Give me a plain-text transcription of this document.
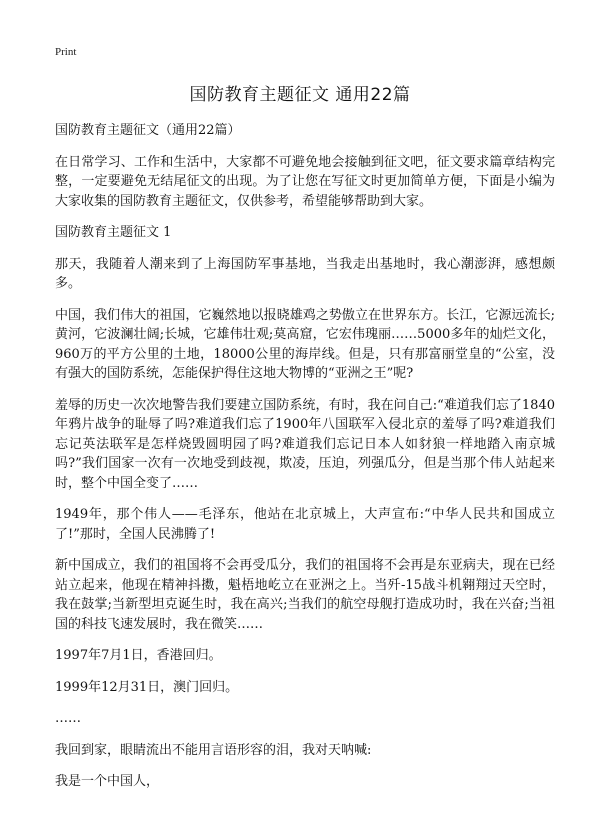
Print
国防教育主题征文 通用22篇

国防教育主题征文（通用22篇）

在日常学习、工作和生活中，大家都不可避免地会接触到征文吧，征文要求篇章结构完整，一定要避免无结尾征文的出现。为了让您在写征文时更加简单方便，下面是小编为大家收集的国防教育主题征文，仅供参考，希望能够帮助到大家。

国防教育主题征文 1

那天，我随着人潮来到了上海国防军事基地，当我走出基地时，我心潮澎湃，感想颇多。

中国，我们伟大的祖国，它巍然地以报晓雄鸡之势傲立在世界东方。长江，它源远流长;黄河，它波澜壮阔;长城，它雄伟壮观;莫高窟，它宏伟瑰丽……5000多年的灿烂文化，960万的平方公里的土地，18000公里的海岸线。但是，只有那富丽堂皇的“公室，没有强大的国防系统，怎能保护得住这地大物博的“亚洲之王”呢?

羞辱的历史一次次地警告我们要建立国防系统，有时，我在问自己:“难道我们忘了1840年鸦片战争的耻辱了吗?难道我们忘了1900年八国联军入侵北京的羞辱了吗?难道我们忘记英法联军是怎样烧毁圆明园了吗?难道我们忘记日本人如豺狼一样地踏入南京城吗?”我们国家一次有一次地受到歧视，欺凌，压迫，列强瓜分，但是当那个伟人站起来时，整个中国全变了……

1949年，那个伟人——毛泽东，他站在北京城上，大声宣布:“中华人民共和国成立了!”那时，全国人民沸腾了!

新中国成立，我们的祖国将不会再受瓜分，我们的祖国将不会再是东亚病夫，现在已经站立起来，他现在精神抖擞，魁梧地屹立在亚洲之上。当歼-15战斗机翱翔过天空时，我在鼓掌;当新型坦克诞生时，我在高兴;当我们的航空母舰打造成功时，我在兴奋;当祖国的科技飞速发展时，我在微笑……

1997年7月1日，香港回归。

1999年12月31日，澳门回归。

……

我回到家，眼睛流出不能用言语形容的泪，我对天呐喊:

我是一个中国人，
